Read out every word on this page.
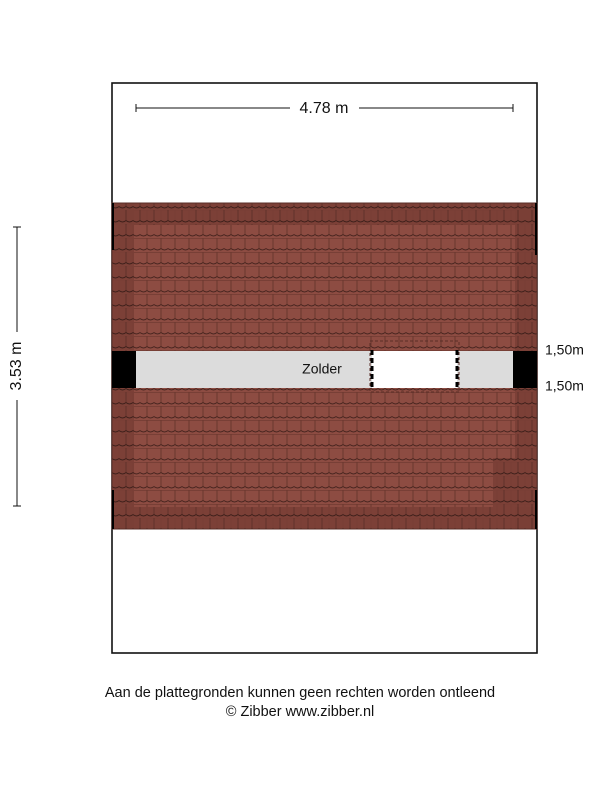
Zolder
4.78 m
3.53 m	1,50m
1,50m
Aan de plattegronden kunnen geen rechten worden ontleend
© Zibber www.zibber.nl
